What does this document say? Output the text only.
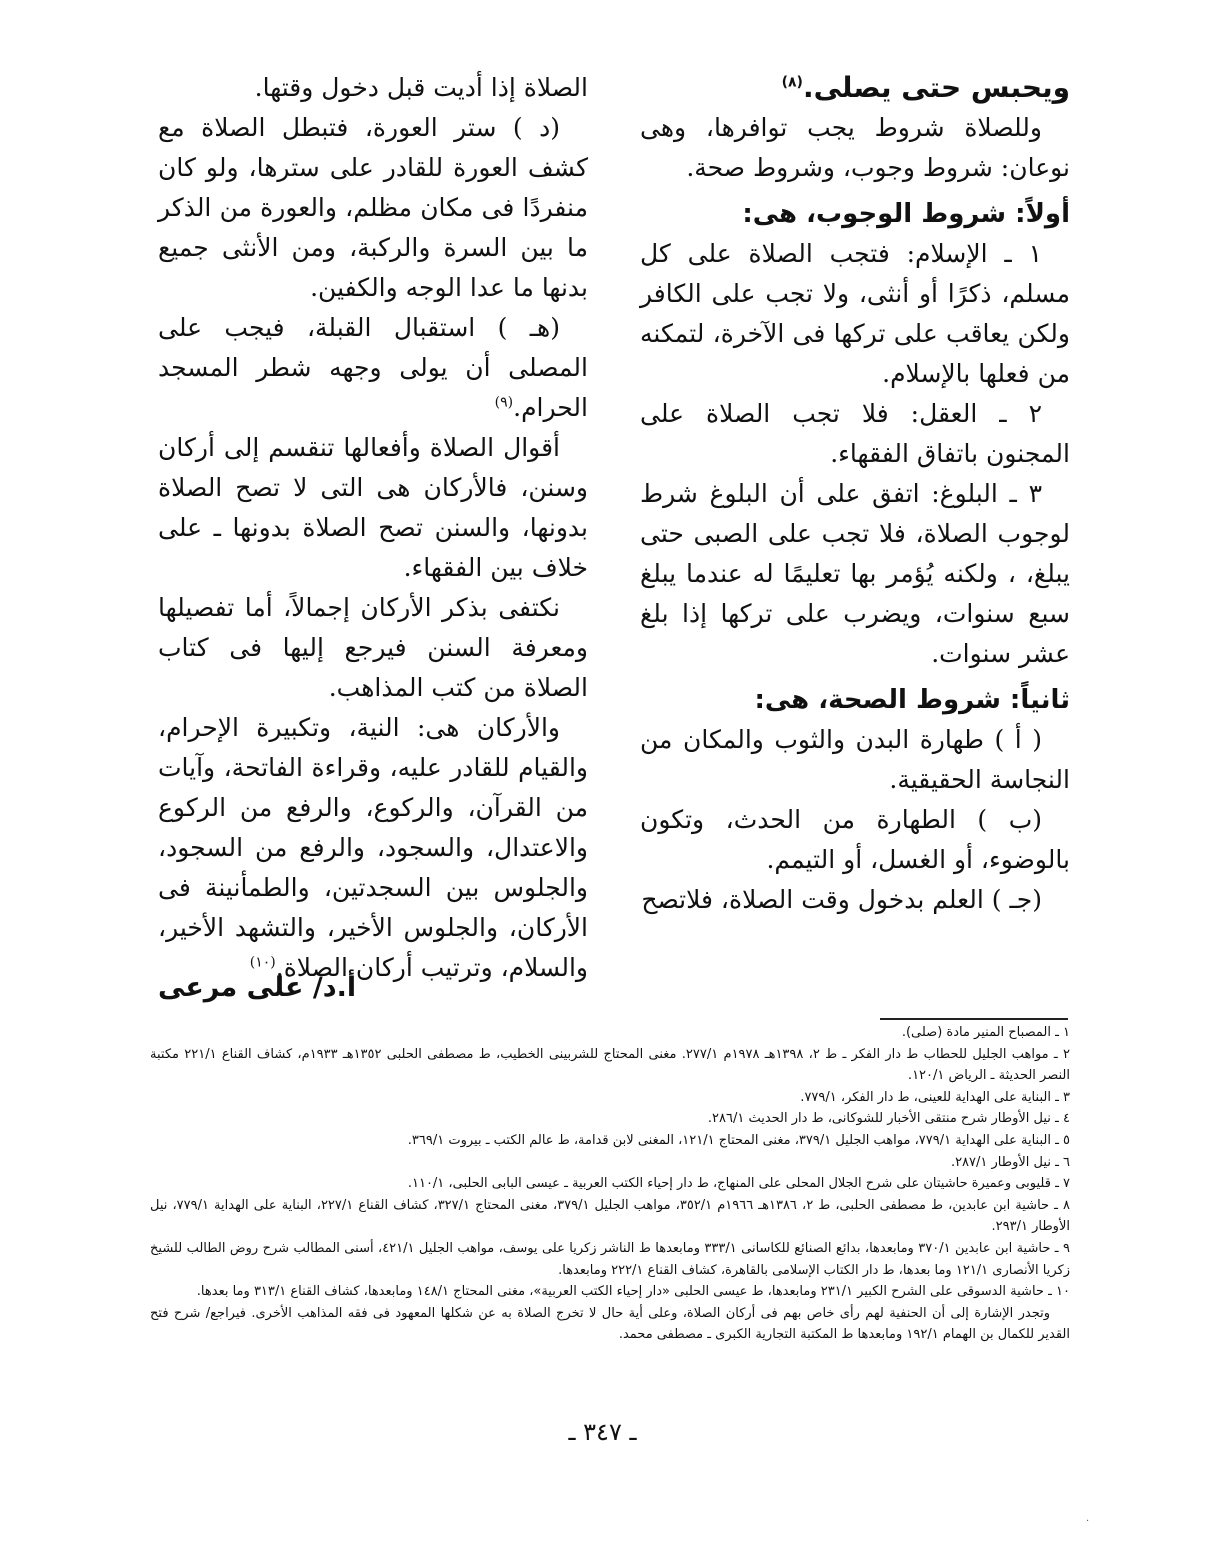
ويحبس حتى يصلى.$^{(٨)}$

وللصلاة شروط يجب توافرها، وهى نوعان: شروط وجوب، وشروط صحة.

أولاً: شروط الوجوب، هى:

١ ـ الإسلام: فتجب الصلاة على كل مسلم، ذكرًا أو أنثى، ولا تجب على الكافر ولكن يعاقب على تركها فى الآخرة، لتمكنه من فعلها بالإسلام.

٢ ـ العقل: فلا تجب الصلاة على المجنون باتفاق الفقهاء.

٣ ـ البلوغ: اتفق على أن البلوغ شرط لوجوب الصلاة، فلا تجب على الصبى حتى يبلغ، ، ولكنه يُؤمر بها تعليمًا له عندما يبلغ سبع سنوات، ويضرب على تركها إذا بلغ عشر سنوات.

ثانياً: شروط الصحة، هى:

( أ ) طهارة البدن والثوب والمكان من النجاسة الحقيقية.

(ب ) الطهارة من الحدث، وتكون بالوضوء، أو الغسل، أو التيمم.

(جـ ) العلم بدخول وقت الصلاة، فلاتصح

الصلاة إذا أديت قبل دخول وقتها.

(د ) ستر العورة، فتبطل الصلاة مع كشف العورة للقادر على سترها، ولو كان منفردًا فى مكان مظلم، والعورة من الذكر ما بين السرة والركبة، ومن الأنثى جميع بدنها ما عدا الوجه والكفين.

(هـ ) استقبال القبلة، فيجب على المصلى أن يولى وجهه شطر المسجد الحرام.$^{(٩)}$

أقوال الصلاة وأفعالها تنقسم إلى أركان وسنن، فالأركان هى التى لا تصح الصلاة بدونها، والسنن تصح الصلاة بدونها ـ على خلاف بين الفقهاء.

نكتفى بذكر الأركان إجمالاً، أما تفصيلها ومعرفة السنن فيرجع إليها فى كتاب الصلاة من كتب المذاهب.

والأركان هى: النية، وتكبيرة الإحرام، والقيام للقادر عليه، وقراءة الفاتحة، وآيات من القرآن، والركوع، والرفع من الركوع والاعتدال، والسجود، والرفع من السجود، والجلوس بين السجدتين، والطمأنينة فى الأركان، والجلوس الأخير، والتشهد الأخير، والسلام، وترتيب أركان الصلاة.$^{(١٠)}$

أ.د/ على مرعى

١ ـ المصباح المنير مادة (صلى).

٢ ـ مواهب الجليل للحطاب ط دار الفكر ـ ط ٢، ١٣٩٨هـ ١٩٧٨م ٢٧٧/١. مغنى المحتاج للشربينى الخطيب، ط مصطفى الحلبى ١٣٥٢هـ ١٩٣٣م، كشاف القناع ٢٢١/١ مكتبة النصر الحديثة ـ الرياض ١٢٠/١.

٣ ـ البناية على الهداية للعينى، ط دار الفكر، ٧٧٩/١.

٤ ـ نيل الأوطار شرح منتقى الأخبار للشوكانى، ط دار الحديث ٢٨٦/١.

٥ ـ البناية على الهداية ٧٧٩/١، مواهب الجليل ٣٧٩/١، مغنى المحتاج ١٢١/١، المغنى لابن قدامة، ط عالم الكتب ـ بيروت ٣٦٩/١.

٦ ـ نيل الأوطار ٢٨٧/١.

٧ ـ قليوبى وعميرة حاشيتان على شرح الجلال المحلى على المنهاج، ط دار إحياء الكتب العربية ـ عيسى البابى الحلبى، ١١٠/١.

٨ ـ حاشية ابن عابدين، ط مصطفى الحلبى، ط ٢، ١٣٨٦هـ ١٩٦٦م ٣٥٢/١، مواهب الجليل ٣٧٩/١، مغنى المحتاج ٣٢٧/١، كشاف القناع ٢٢٧/١، البناية على الهداية ٧٧٩/١، نيل الأوطار ٢٩٣/١.

٩ ـ حاشية ابن عابدين ٣٧٠/١ ومابعدها، بدائع الصنائع للكاسانى ٣٣٣/١ ومابعدها ط الناشر زكريا على يوسف، مواهب الجليل ٤٢١/١، أسنى المطالب شرح روض الطالب للشيخ زكريا الأنصارى ١٢١/١ وما بعدها، ط دار الكتاب الإسلامى بالقاهرة، كشاف القناع ٢٢٢/١ ومابعدها.

١٠ ـ حاشية الدسوقى على الشرح الكبير ٢٣١/١ ومابعدها، ط عيسى الحلبى «دار إحياء الكتب العربية»، مغنى المحتاج ١٤٨/١ ومابعدها، كشاف القناع ٣١٣/١ وما بعدها.

وتجدر الإشارة إلى أن الحنفية لهم رأى خاص بهم فى أركان الصلاة، وعلى أية حال لا تخرج الصلاة به عن شكلها المعهود فى فقه المذاهب الأخرى. فيراجع/ شرح فتح القدير للكمال بن الهمام ١٩٢/١ ومابعدها ط المكتبة التجارية الكبرى ـ مصطفى محمد.

ـ ٣٤٧ ـ
·
